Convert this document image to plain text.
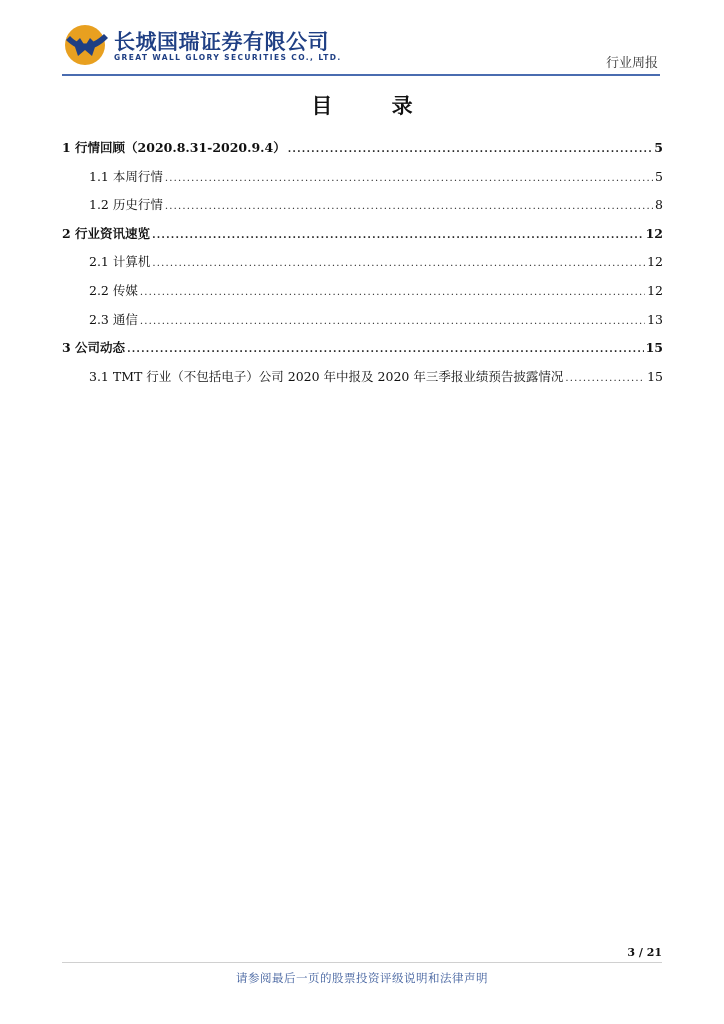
长城国瑞证券有限公司
GREAT WALL GLORY SECURITIES CO., LTD.	行业周报
目 录
1 行情回顾（2020.8.31-2020.9.4） .....	5
1.1 本周行情 .....	5
1.2 历史行情 .....	8
2 行业资讯速览 .....	12
2.1 计算机 .....	12
2.2 传媒 .....	12
2.3 通信 .....	13
3 公司动态 .....	15
3.1 TMT 行业（不包括电子）公司 2020 年中报及 2020 年三季报业绩预告披露情况 .....	15
3 / 21
请参阅最后一页的股票投资评级说明和法律声明
